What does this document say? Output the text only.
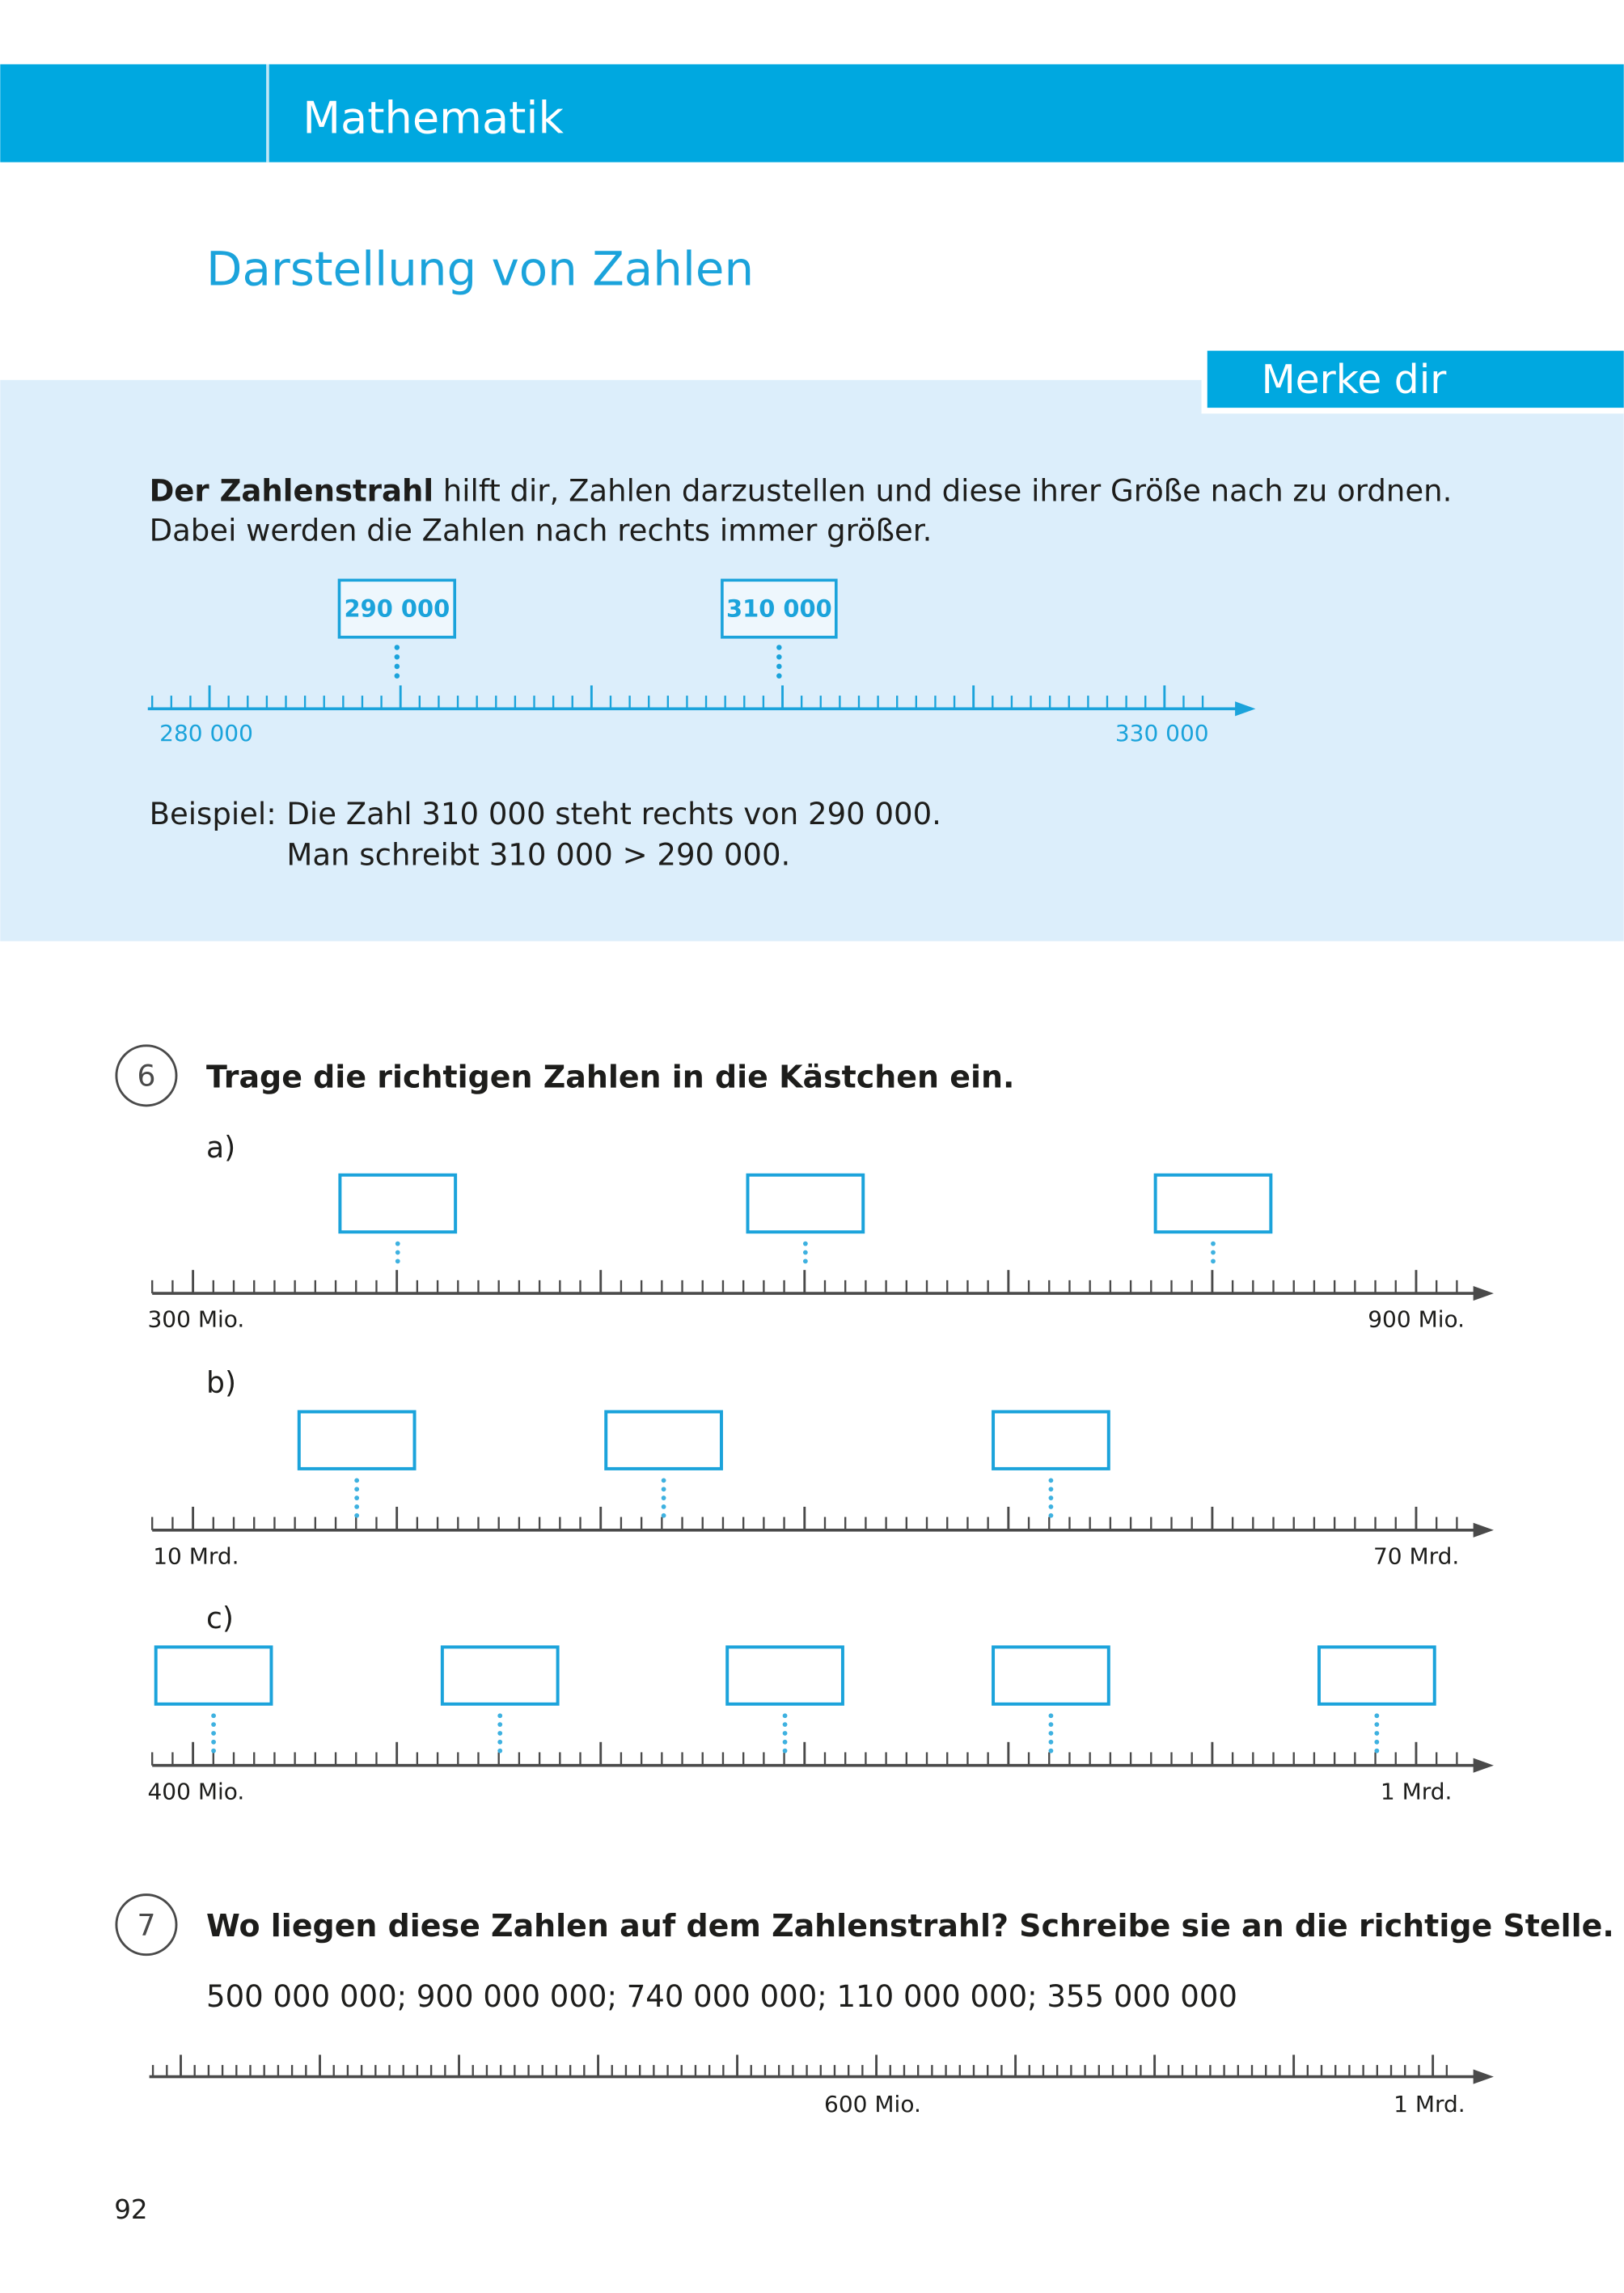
Mathematik
Darstellung von Zahlen
Merke dir
Der Zahlenstrahl hilft dir, Zahlen darzustellen und diese ihrer Größe nach zu ordnen.
Dabei werden die Zahlen nach rechts immer größer.
290 000	310 000
280 000	330 000
Beispiel: Die Zahl 310 000 steht rechts von 290 000.
Man schreibt 310 000 > 290 000.
6	Trage die richtigen Zahlen in die Kästchen ein.
a)
300 Mio.	900 Mio.
b)
10 Mrd.	70 Mrd.
c)
400 Mio.	1 Mrd.
7	Wo liegen diese Zahlen auf dem Zahlenstrahl? Schreibe sie an die richtige Stelle.
500 000 000; 900 000 000; 740 000 000; 110 000 000; 355 000 000
600 Mio.	1 Mrd.
92
